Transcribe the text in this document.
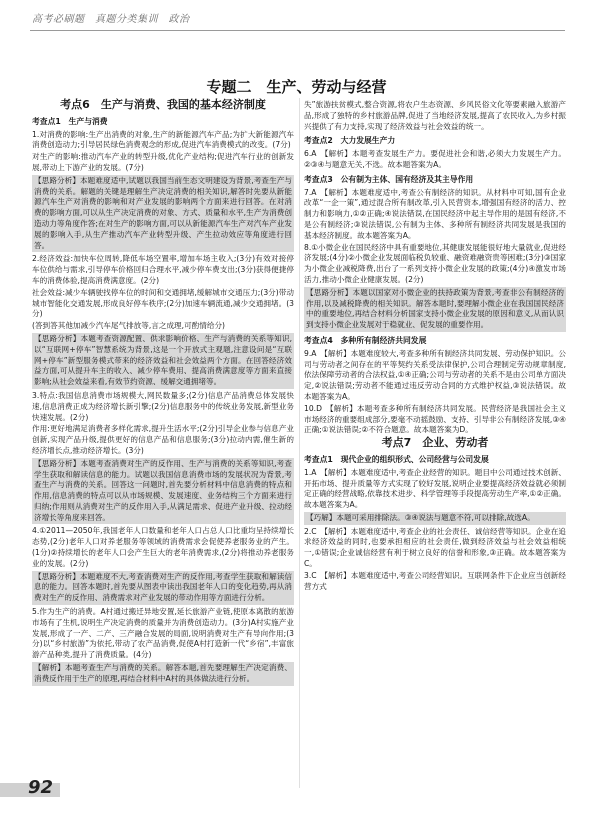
高考必刷题　真题分类集训　政治
专题二　生产、劳动与经营
考点6　生产与消费、我国的基本经济制度
考查点1　生产与消费
1.对消费的影响:生产出消费的对象,生产的新能源汽车产品;为扩大新能源汽车消费创造动力;引导居民绿色消费观念的形成,促进汽车消费模式的改变。(7分)
对生产的影响:推动汽车产业的转型升级,优化产业结构;促进汽车行业的创新发展,带动上下游产业的发展。(7分)
【思路分析】本题难度适中,试题以我国当前生态文明建设为背景,考查生产与消费的关系。解题的关键是理解生产决定消费的相关知识,解答时先要从新能源汽车生产对消费的影响和对产业发展的影响两个方面来进行回答。在对消费的影响方面,可以从生产决定消费的对象、方式、质量和水平,生产为消费创造动力等角度作答;在对生产的影响方面,可以从新能源汽车生产对汽车产业发展的影响入手,从生产推动汽车产业转型升级、产生拉动效应等角度进行回答。
2.经济效益:加快车位周转,降低车场空置率,增加车场主收入;(3分)有效对接停车位供给与需求,引导停车价格回归合理水平,减少停车费支出;(3分)获得便捷停车的消费体验,提高消费满意度。(2分)
社会效益:减少车辆驶找停车位的时间和交通拥堵,缓解城市交通压力;(3分)带动城市智能化交通发展,形成良好停车秩序;(2分)加速车辆流通,减少交通拥堵。(3分)
(答到答其他加减少汽车尾气排放等,言之成理,可酌情给分)
【思路分析】本题考查资源配置、供求影响价格、生产与消费的关系等知识,以“互联网+停车”智慧系统为背景,这是一个开放式主观题,注意设问是“互联网+停车”新型服务模式带来的经济效益和社会效益两个方面。在回答经济效益方面,可从提升车主的收入、减少停车费用、提高消费满意度等方面来直接影响;从社会效益来看,有效节约资源、缓解交通拥堵等。
3.特点:我国信息消费市场规模大,网民数量多;(2分)信息产品消费总体发展快速,信息消费正成为经济增长新引擎;(2分)信息服务中的传统业务发展,新型业务快速发展。(2分)
作用:更好地满足消费者多样化需求,提升生活水平;(2分)引导企业参与信息产业创新,实现产品升级,提供更好的信息产品和信息服务;(3分)拉动内需,催生新的经济增长点,推动经济增长。(3分)
【思路分析】本题考查消费对生产的反作用、生产与消费的关系等知识,考查学生获取和解读信息的能力。试题以我国信息消费市场的发展状况为背景,考查生产与消费的关系。回答这一问题时,首先要分析材料中信息消费的特点和作用,信息消费的特点可以从市场规模、发展速度、业务结构三个方面来进行归纳;作用则从消费对生产的反作用入手,从满足需求、促进产业升级、拉动经济增长等角度来回答。
4.①2011—2050年,我国老年人口数量和老年人口占总人口比重均呈持续增长态势,(2分)老年人口对养老服务等领域的消费需求会促使养老服务业的产生。(1分)②持续增长的老年人口会产生巨大的老年消费需求,(2分)将推动养老服务业的发展。(2分)
【思路分析】本题难度不大,考查消费对生产的反作用,考查学生获取和解读信息的能力。回答本题时,首先要从图表中读出我国老年人口的变化趋势,再从消费对生产的反作用、消费需求对产业发展的带动作用等方面进行分析。
5.作为生产的消费。A村通过搬迁异地安置,延长旅游产业链,使原本离散的旅游市场有了生机,说明生产决定消费的质量并为消费创造动力。(3分)A村实施产业发展,形成了一产、二产、三产融合发展的局面,说明消费对生产有导向作用;(3分)以“乡村旅游”为依托,带动了农产品消费,促使A村打造新一代“乡宿”,丰富旅游产品种类,提升了消费质量。(4分)
【解析】本题考查生产与消费的关系。解答本题,首先要理解生产决定消费、消费反作用于生产的原理,再结合材料中A村的具体做法进行分析。
失”旅游扶贫模式,整合资源,将农户生态资源、乡风民俗文化等要素融入旅游产品,形成了独特的乡村旅游品牌,促进了当地经济发展,提高了农民收入,为乡村振兴提供了有力支持,实现了经济效益与社会效益的统一。
考查点2　大力发展生产力
6.A　【解析】本题考查发展生产力。要促进社会和谐,必须大力发展生产力。②③④与题意无关,不选。故本题答案为A。
考查点3　公有制为主体、国有经济及其主导作用
7.A　【解析】本题难度适中,考查公有制经济的知识。从材料中可知,国有企业改革“一企一策”,通过混合所有制改革,引入民营资本,增强国有经济的活力、控制力和影响力,①②正确;④说法错误,在国民经济中起主导作用的是国有经济,不是公有制经济;③说法错误,公有制为主体、多种所有制经济共同发展是我国的基本经济制度。故本题答案为A。
8.①小微企业在国民经济中具有重要地位,其健康发展能很好地大量就业,促进经济发展;(4分)②小微企业发展面临税负较重、融资难融资贵等困难;(3分)③国家为小微企业减税降费,出台了一系列支持小微企业发展的政策;(4分)④激发市场活力,推动小微企业健康发展。(2分)
【思路分析】本题以国家对小微企业的扶持政策为背景,考查非公有制经济的作用,以及减税降费的相关知识。解答本题时,要理解小微企业在我国国民经济中的重要地位,再结合材料分析国家支持小微企业发展的原因和意义,从而认识到支持小微企业发展对于稳就业、促发展的重要作用。
考查点4　多种所有制经济共同发展
9.A　【解析】本题难度较大,考查多种所有制经济共同发展、劳动保护知识。公司与劳动者之间存在的平等契约关系受法律保护,公司合理制定劳动规章制度,依法保障劳动者的合法权益,①④正确;公司与劳动者的关系不是由公司单方面决定,②说法错误;劳动者不能通过违反劳动合同的方式维护权益,③说法错误。故本题答案为A。
10.D　【解析】本题考查多种所有制经济共同发展。民营经济是我国社会主义市场经济的重要组成部分,要毫不动摇鼓励、支持、引导非公有制经济发展,③④正确;①说法错误;②不符合题意。故本题答案为D。
考点7　企业、劳动者
考查点1　现代企业的组织形式、公司经营与公司发展
1.A　【解析】本题难度适中,考查企业经营的知识。题目中公司通过技术创新、开拓市场、提升质量等方式实现了较好发展,说明企业要提高经济效益就必须制定正确的经营战略,依靠技术进步、科学管理等手段提高劳动生产率,①②正确。故本题答案为A。
【巧解】本题可采用排除法。③④说法与题意不符,可以排除,故选A。
2.C　【解析】本题难度适中,考查企业的社会责任、诚信经营等知识。企业在追求经济效益的同时,也要承担相应的社会责任,做到经济效益与社会效益相统一,①错误;企业诚信经营有利于树立良好的信誉和形象,③正确。故本题答案为C。
3.C　【解析】本题难度适中,考查公司经营知识。互联网条件下企业应当创新经营方式
92
